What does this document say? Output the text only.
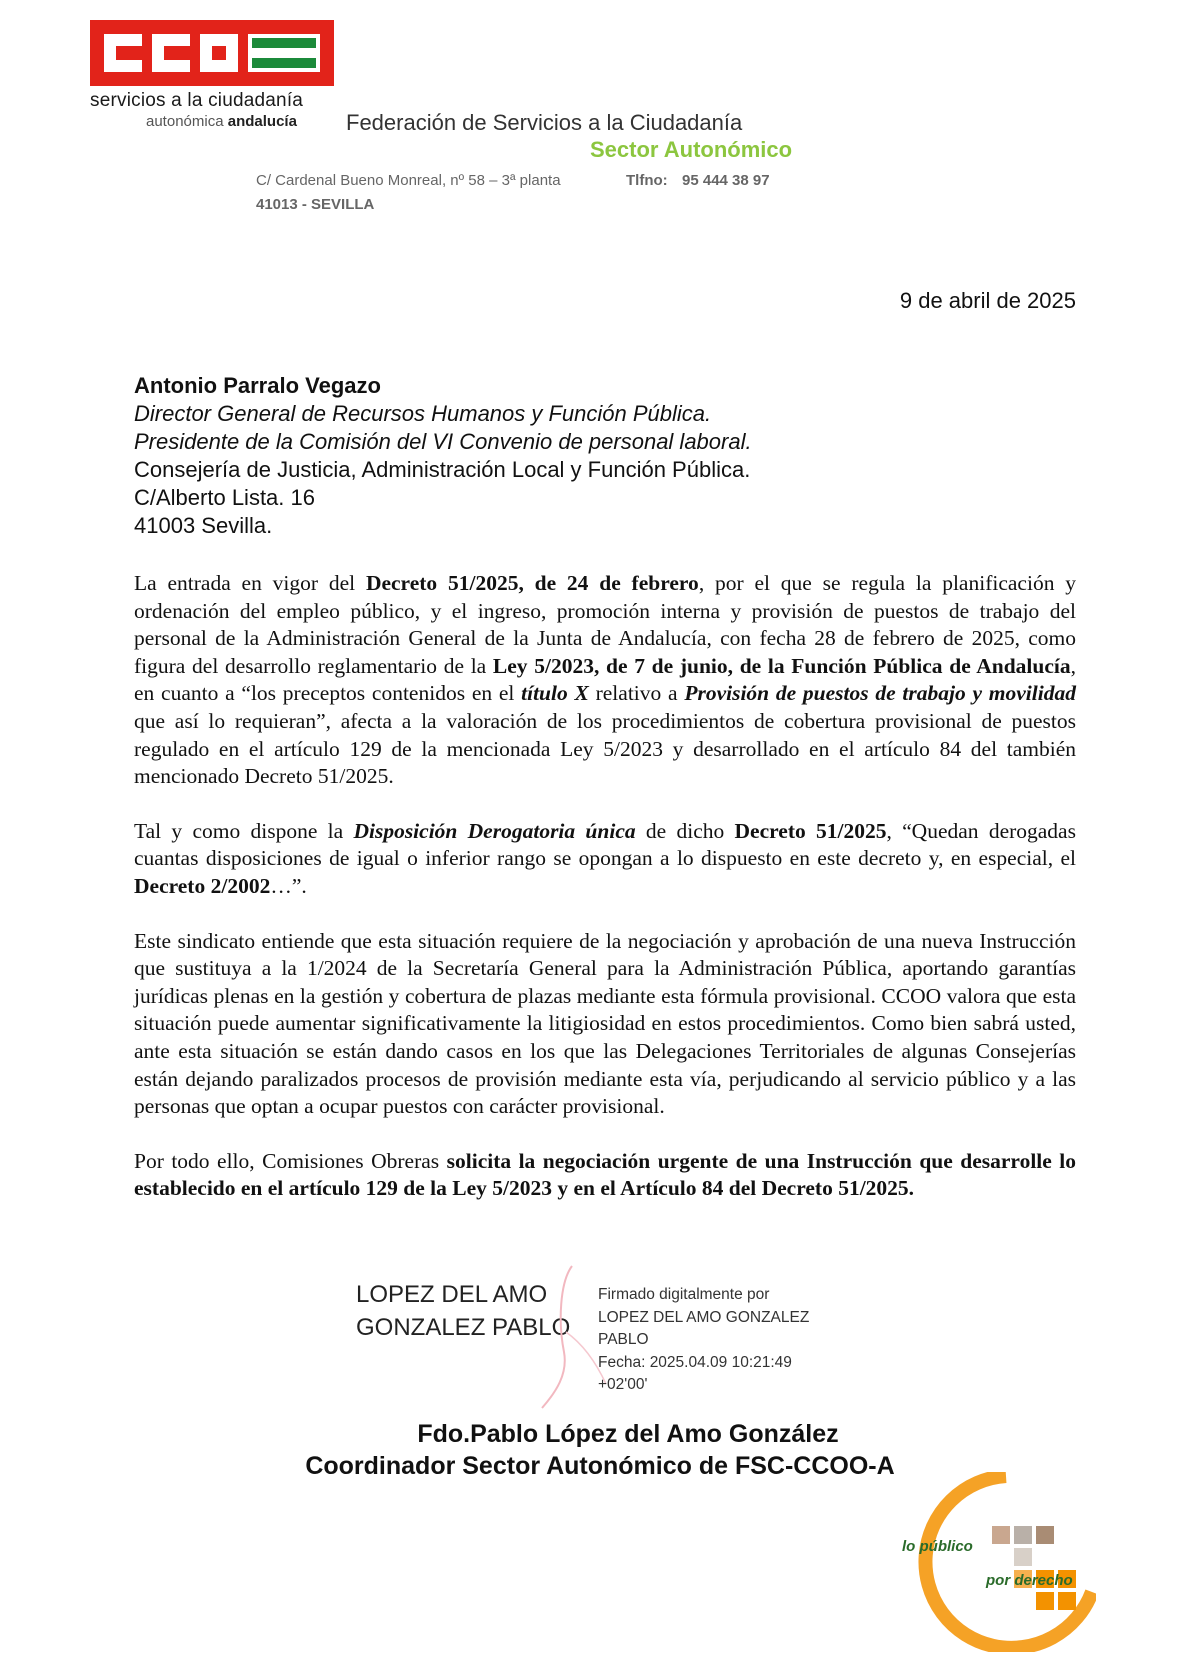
servicios a la ciudadanía
autonómica andalucía Federación de Servicios a la Ciudadanía
Sector Autonómico
C/ Cardenal Bueno Monreal, nº 58 – 3ª planta	Tlfno: 95 444 38 97
41013 - SEVILLA
9 de abril de 2025
Antonio Parralo Vegazo
Director General de Recursos Humanos y Función Pública.
Presidente de la Comisión del VI Convenio de personal laboral.
Consejería de Justicia, Administración Local y Función Pública.
C/Alberto Lista. 16
41003 Sevilla.

La entrada en vigor del Decreto 51/2025, de 24 de febrero, por el que se regula la planificación y ordenación del empleo público, y el ingreso, promoción interna y provisión de puestos de trabajo del personal de la Administración General de la Junta de Andalucía, con fecha 28 de febrero de 2025, como figura del desarrollo reglamentario de la Ley 5/2023, de 7 de junio, de la Función Pública de Andalucía, en cuanto a “los preceptos contenidos en el título X relativo a Provisión de puestos de trabajo y movilidad que así lo requieran”, afecta a la valoración de los procedimientos de cobertura provisional de puestos regulado en el artículo 129 de la mencionada Ley 5/2023 y desarrollado en el artículo 84 del también mencionado Decreto 51/2025.

Tal y como dispone la Disposición Derogatoria única de dicho Decreto 51/2025, “Quedan derogadas cuantas disposiciones de igual o inferior rango se opongan a lo dispuesto en este decreto y, en especial, el Decreto 2/2002…”.

Este sindicato entiende que esta situación requiere de la negociación y aprobación de una nueva Instrucción que sustituya a la 1/2024 de la Secretaría General para la Administración Pública, aportando garantías jurídicas plenas en la gestión y cobertura de plazas mediante esta fórmula provisional. CCOO valora que esta situación puede aumentar significativamente la litigiosidad en estos procedimientos. Como bien sabrá usted, ante esta situación se están dando casos en los que las Delegaciones Territoriales de algunas Consejerías están dejando paralizados procesos de provisión mediante esta vía, perjudicando al servicio público y a las personas que optan a ocupar puestos con carácter provisional.

Por todo ello, Comisiones Obreras solicita la negociación urgente de una Instrucción que desarrolle lo establecido en el artículo 129 de la Ley 5/2023 y en el Artículo 84 del Decreto 51/2025.

LOPEZ DEL AMO
GONZALEZ PABLO
Firmado digitalmente por
LOPEZ DEL AMO GONZALEZ
PABLO
Fecha: 2025.04.09 10:21:49
+02'00'
Fdo.Pablo López del Amo González
Coordinador Sector Autonómico de FSC-CCOO-A
lo público
por derecho
